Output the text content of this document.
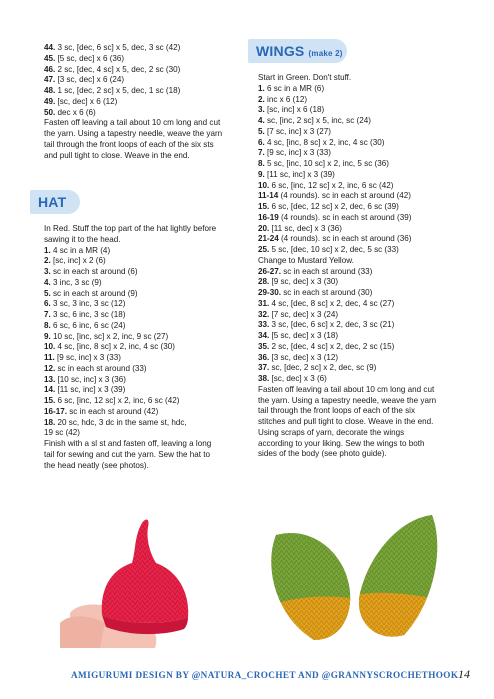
44. 3 sc, [dec, 6 sc] x 5, dec, 3 sc (42)
45. [5 sc, dec] x 6 (36)
46. 2 sc, [dec, 4 sc] x 5, dec, 2 sc (30)
47. [3 sc, dec] x 6 (24)
48. 1 sc, [dec, 2 sc] x 5, dec, 1 sc (18)
49. [sc, dec] x 6 (12)
50. dec x 6 (6)
Fasten off leaving a tail about 10 cm long and cut
the yarn. Using a tapestry needle, weave the yarn
tail through the front loops of each of the six sts
and pull tight to close. Weave in the end.
HAT
In Red. Stuff the top part of the hat lightly before
sawing it to the head.
1. 4 sc in a MR (4)
2. [sc, inc] x 2 (6)
3. sc in each st around (6)
4. 3 inc, 3 sc (9)
5. sc in each st around (9)
6. 3 sc, 3 inc, 3 sc (12)
7. 3 sc, 6 inc, 3 sc (18)
8. 6 sc, 6 inc, 6 sc (24)
9. 10 sc, [inc, sc] x 2, inc, 9 sc (27)
10. 4 sc, [inc, 8 sc] x 2, inc, 4 sc (30)
11. [9 sc, inc] x 3 (33)
12. sc in each st around (33)
13. [10 sc, inc] x 3 (36)
14. [11 sc, inc] x 3 (39)
15. 6 sc, [inc, 12 sc] x 2, inc, 6 sc (42)
16-17. sc in each st around (42)
18. 20 sc, hdc, 3 dc in the same st, hdc,
19 sc (42)
Finish with a sl st and fasten off, leaving a long
tail for sewing and cut the yarn. Sew the hat to
the head neatly (see photos).
WINGS (make 2)
Start in Green. Don't stuff.
1. 6 sc in a MR (6)
2. inc x 6 (12)
3. [sc, inc] x 6 (18)
4. sc, [inc, 2 sc] x 5, inc, sc (24)
5. [7 sc, inc] x 3 (27)
6. 4 sc, [inc, 8 sc] x 2, inc, 4 sc (30)
7. [9 sc, inc] x 3 (33)
8. 5 sc, [inc, 10 sc] x 2, inc, 5 sc (36)
9. [11 sc, inc] x 3 (39)
10. 6 sc, [inc, 12 sc] x 2, inc, 6 sc (42)
11-14 (4 rounds). sc in each st around (42)
15. 6 sc, [dec, 12 sc] x 2, dec, 6 sc (39)
16-19 (4 rounds). sc in each st around (39)
20. [11 sc, dec] x 3 (36)
21-24 (4 rounds). sc in each st around (36)
25. 5 sc, [dec, 10 sc] x 2, dec, 5 sc (33)
Change to Mustard Yellow.
26-27. sc in each st around (33)
28. [9 sc, dec] x 3 (30)
29-30. sc in each st around (30)
31. 4 sc, [dec, 8 sc] x 2, dec, 4 sc (27)
32. [7 sc, dec] x 3 (24)
33. 3 sc, [dec, 6 sc] x 2, dec, 3 sc (21)
34. [5 sc, dec] x 3 (18)
35. 2 sc, [dec, 4 sc] x 2, dec, 2 sc (15)
36. [3 sc, dec] x 3 (12)
37. sc, [dec, 2 sc] x 2, dec, sc (9)
38. [sc, dec] x 3 (6)
Fasten off leaving a tail about 10 cm long and cut
the yarn. Using a tapestry needle, weave the yarn
tail through the front loops of each of the six
stitches and pull tight to close. Weave in the end.
Using scraps of yarn, decorate the wings
according to your liking. Sew the wings to both
sides of the body (see photo guide).
AMIGURUMI DESIGN BY @NATURA_CROCHET AND @GRANNYSCROCHETHOOK 14
